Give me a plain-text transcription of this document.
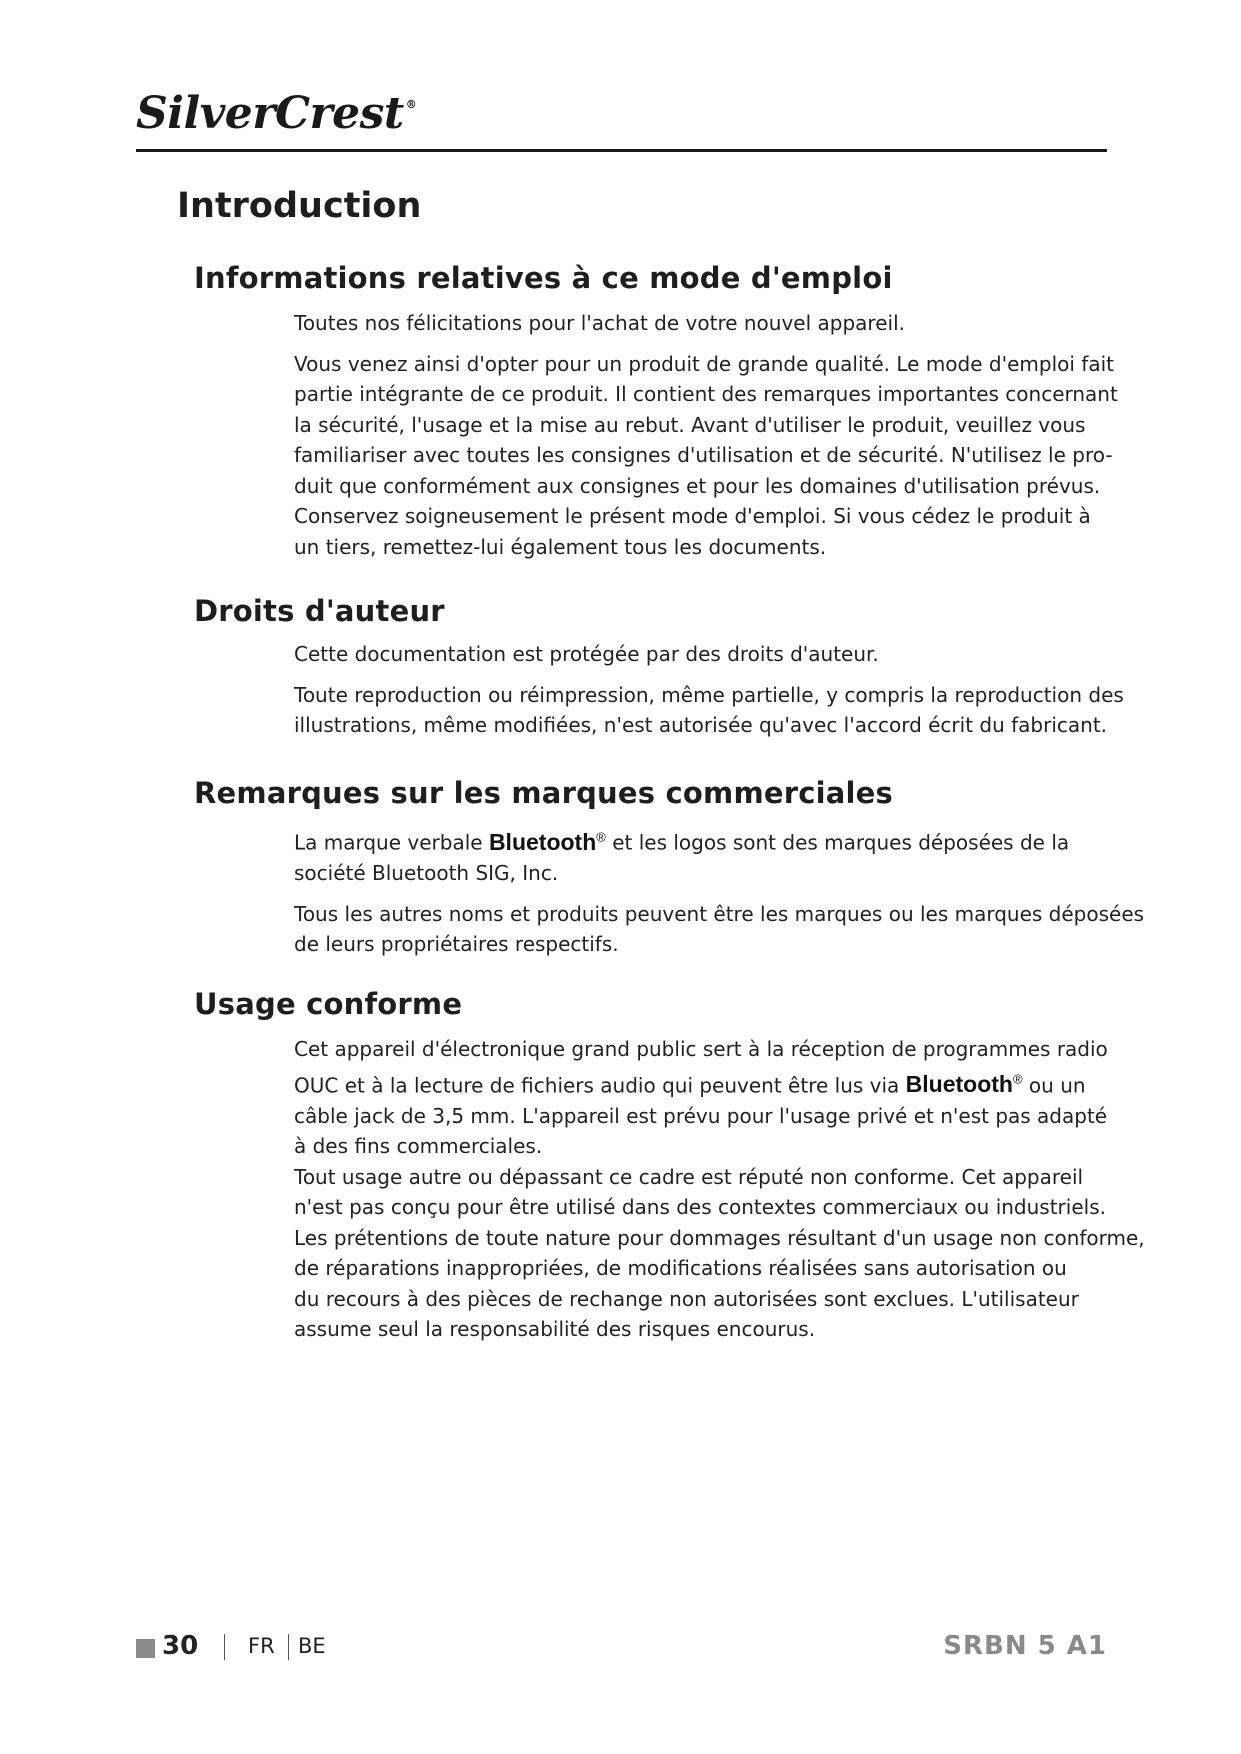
SilverCrest ®
Introduction
Informations relatives à ce mode d'emploi

Toutes nos félicitations pour l'achat de votre nouvel appareil.

Vous venez ainsi d'opter pour un produit de grande qualité. Le mode d'emploi fait
partie intégrante de ce produit. Il contient des remarques importantes concernant
la sécurité, l'usage et la mise au rebut. Avant d'utiliser le produit, veuillez vous
familiariser avec toutes les consignes d'utilisation et de sécurité. N'utilisez le pro-
duit que conformément aux consignes et pour les domaines d'utilisation prévus.
Conservez soigneusement le présent mode d'emploi. Si vous cédez le produit à
un tiers, remettez-lui également tous les documents.

Droits d'auteur

Cette documentation est protégée par des droits d'auteur.

Toute reproduction ou réimpression, même partielle, y compris la reproduction des
illustrations, même modifiées, n'est autorisée qu'avec l'accord écrit du fabricant.

Remarques sur les marques commerciales

La marque verbale Bluetooth® et les logos sont des marques déposées de la
société Bluetooth SIG, Inc.

Tous les autres noms et produits peuvent être les marques ou les marques déposées
de leurs propriétaires respectifs.

Usage conforme

Cet appareil d'électronique grand public sert à la réception de programmes radio
OUC et à la lecture de fichiers audio qui peuvent être lus via Bluetooth® ou un
câble jack de 3,5 mm. L'appareil est prévu pour l'usage privé et n'est pas adapté
à des fins commerciales.
Tout usage autre ou dépassant ce cadre est réputé non conforme. Cet appareil
n'est pas conçu pour être utilisé dans des contextes commerciaux ou industriels.
Les prétentions de toute nature pour dommages résultant d'un usage non conforme,
de réparations inappropriées, de modifications réalisées sans autorisation ou
du recours à des pièces de rechange non autorisées sont exclues. L'utilisateur
assume seul la responsabilité des risques encourus.

30 FR BE	SRBN 5 A1
